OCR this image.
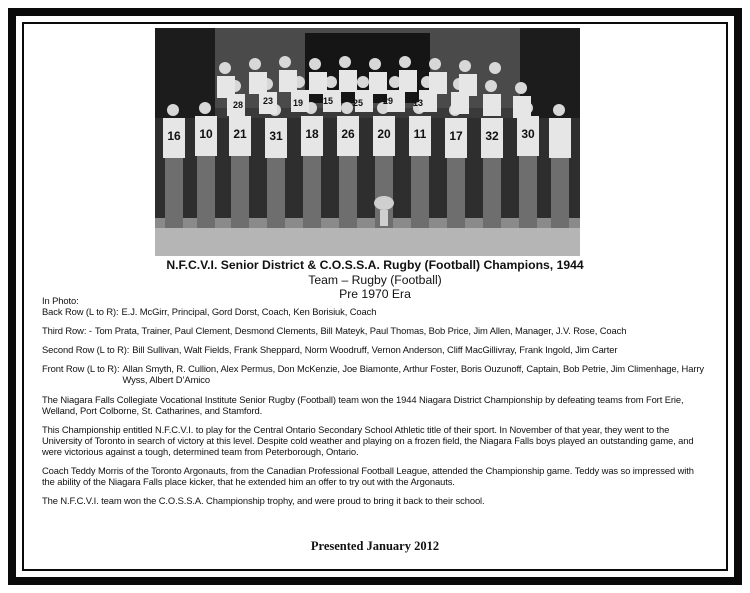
16 10 21 31 18 26 20 11 17 32 30
28 23 19 15 25 29 13
N.F.C.V.I. Senior District & C.O.S.S.A. Rugby (Football) Champions, 1944
Team – Rugby (Football)
Pre 1970 Era

In Photo:

Back Row (L to R): E.J. McGirr, Principal, Gord Dorst, Coach, Ken Borisiuk, Coach
Third Row: - Tom Prata, Trainer, Paul Clement, Desmond Clements, Bill Mateyk, Paul Thomas, Bob Price, Jim Allen, Manager, J.V. Rose, Coach
Second Row (L to R): Bill Sullivan, Walt Fields, Frank Sheppard, Norm Woodruff, Vernon Anderson, Cliff MacGillivray, Frank Ingold, Jim Carter
Front Row (L to R): Allan Smyth, R. Cullion, Alex Permus, Don McKenzie, Joe Biamonte, Arthur Foster, Boris Ouzunoff, Captain, Bob Petrie, Jim Climenhage, Harry Wyss, Albert D’Amico

The Niagara Falls Collegiate Vocational Institute Senior Rugby (Football) team won the 1944 Niagara District Championship by defeating teams from Fort Erie, Welland, Port Colborne, St. Catharines, and Stamford.

This Championship entitled N.F.C.V.I. to play for the Central Ontario Secondary School Athletic title of their sport. In November of that year, they went to the University of Toronto in search of victory at this level. Despite cold weather and playing on a frozen field, the Niagara Falls boys played an outstanding game, and were victorious against a tough, determined team from Peterborough, Ontario.

Coach Teddy Morris of the Toronto Argonauts, from the Canadian Professional Football League, attended the Championship game. Teddy was so impressed with the ability of the Niagara Falls place kicker, that he extended him an offer to try out with the Argonauts.

The N.F.C.V.I. team won the C.O.S.S.A. Championship trophy, and were proud to bring it back to their school.

Presented January 2012
